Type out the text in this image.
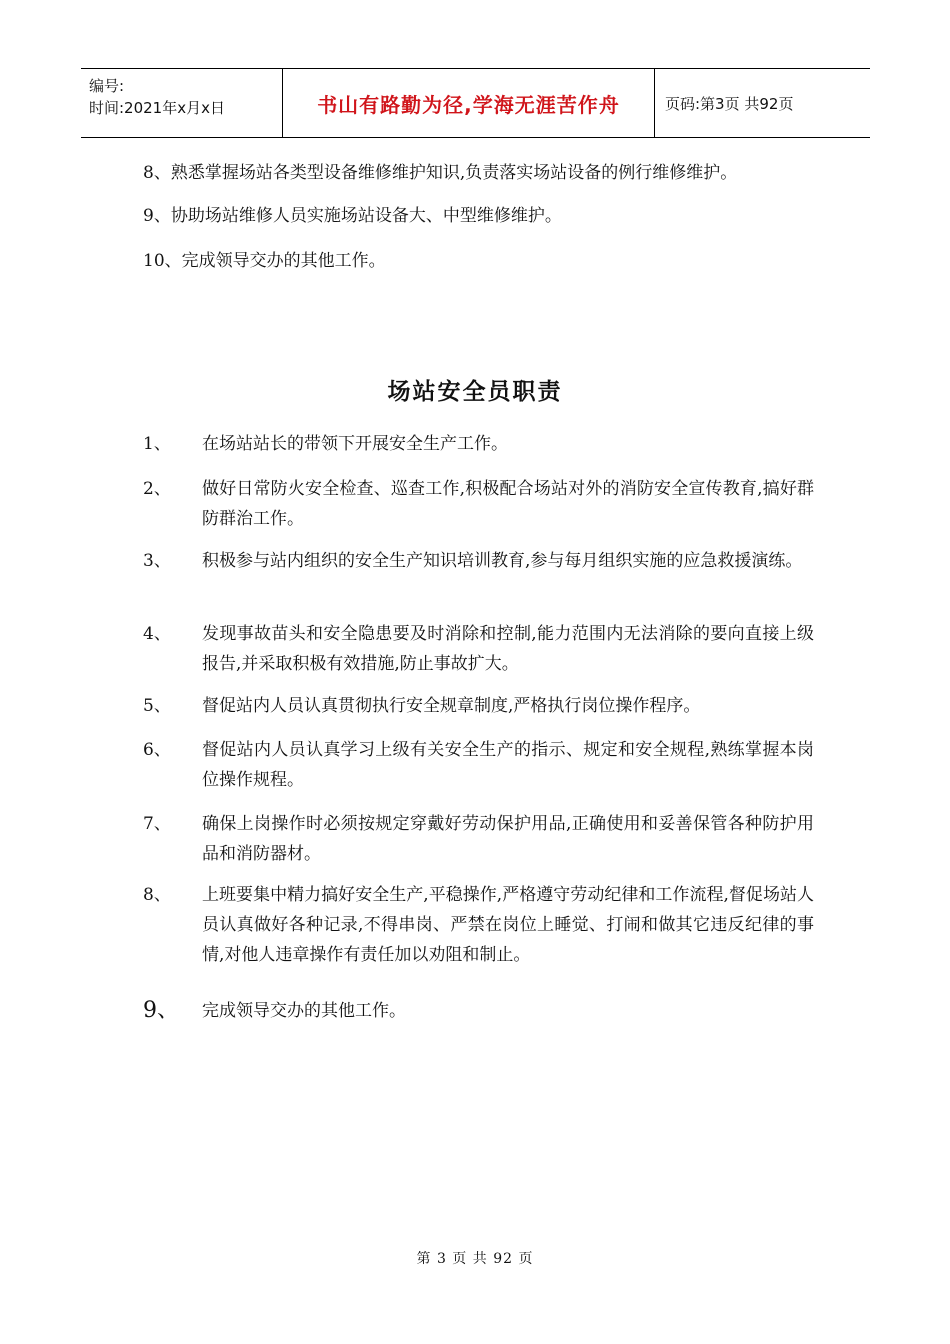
编号:
时间:2021年x月x日	书山有路勤为径,学海无涯苦作舟	页码:第3页 共92页
8、熟悉掌握场站各类型设备维修维护知识,负责落实场站设备的例行维修维护。
9、协助场站维修人员实施场站设备大、中型维修维护。
10、完成领导交办的其他工作。
场站安全员职责
1、	在场站站长的带领下开展安全生产工作。
2、	做好日常防火安全检查、巡查工作,积极配合场站对外的消防安全宣传教育,搞好群防群治工作。
3、	积极参与站内组织的安全生产知识培训教育,参与每月组织实施的应急救援演练。
4、	发现事故苗头和安全隐患要及时消除和控制,能力范围内无法消除的要向直接上级报告,并采取积极有效措施,防止事故扩大。
5、	督促站内人员认真贯彻执行安全规章制度,严格执行岗位操作程序。
6、	督促站内人员认真学习上级有关安全生产的指示、规定和安全规程,熟练掌握本岗位操作规程。
7、	确保上岗操作时必须按规定穿戴好劳动保护用品,正确使用和妥善保管各种防护用品和消防器材。
8、	上班要集中精力搞好安全生产,平稳操作,严格遵守劳动纪律和工作流程,督促场站人员认真做好各种记录,不得串岗、严禁在岗位上睡觉、打闹和做其它违反纪律的事情,对他人违章操作有责任加以劝阻和制止。
9、	完成领导交办的其他工作。
第 3 页 共 92 页
